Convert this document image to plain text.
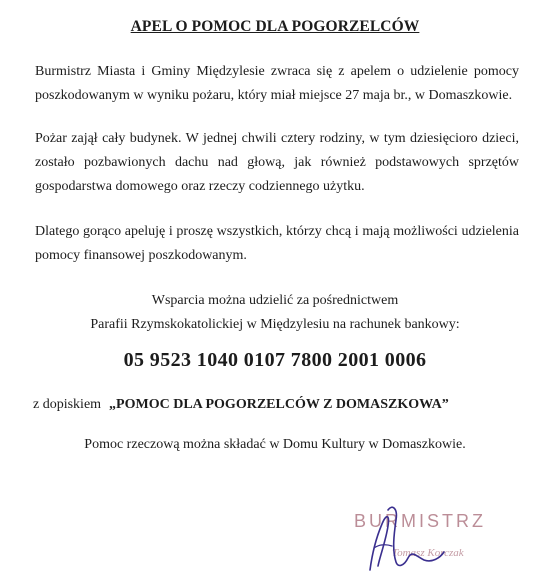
APEL O POMOC DLA POGORZELCÓW
Burmistrz Miasta i Gminy Międzylesie zwraca się z apelem o udzielenie pomocy poszkodowanym w wyniku pożaru, który miał miejsce 27 maja br., w Domaszkowie.
Pożar zajął cały budynek. W jednej chwili cztery rodziny, w tym dziesięcioro dzieci, zostało pozbawionych dachu nad głową, jak również podstawowych sprzętów gospodarstwa domowego oraz rzeczy codziennego użytku.
Dlatego gorąco apeluję i proszę wszystkich, którzy chcą i mają możliwości udzielenia pomocy finansowej poszkodowanym.
Wsparcia można udzielić za pośrednictwem
Parafii Rzymskokatolickiej w Międzylesiu na rachunek bankowy:
05 9523 1040 0107 7800 2001 0006
z dopiskiem „POMOC DLA POGORZELCÓW Z DOMASZKOWA”
Pomoc rzeczową można składać w Domu Kultury w Domaszkowie.
BURMISTRZ
Tomasz Korczak
